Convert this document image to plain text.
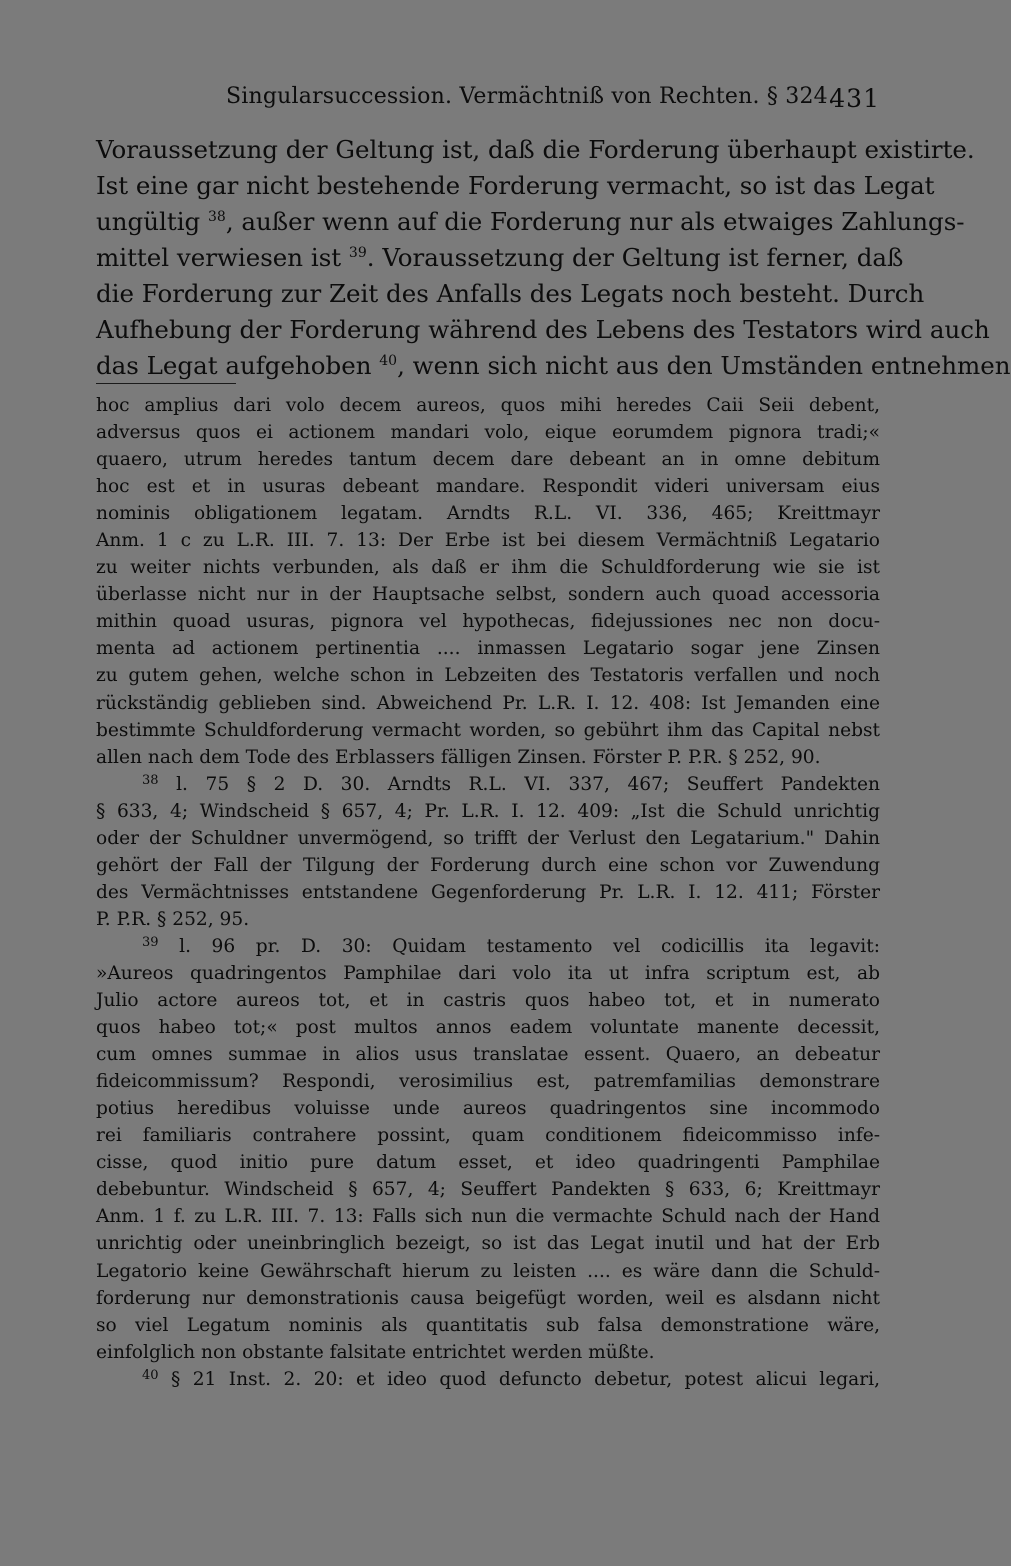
Singularsuccession. Vermächtniß von Rechten. § 324.
431
Voraussetzung der Geltung ist, daß die Forderung überhaupt existirte.
Ist eine gar nicht bestehende Forderung vermacht, so ist das Legat
ungültig $^{38}$, außer wenn auf die Forderung nur als etwaiges Zahlungs-
mittel verwiesen ist $^{39}$. Voraussetzung der Geltung ist ferner, daß
die Forderung zur Zeit des Anfalls des Legats noch besteht. Durch
Aufhebung der Forderung während des Lebens des Testators wird auch
das Legat aufgehoben $^{40}$, wenn sich nicht aus den Umständen entnehmen
hoc amplius dari volo decem aureos, quos mihi heredes Caii Seii debent,
adversus quos ei actionem mandari volo, eique eorumdem pignora tradi;«
quaero, utrum heredes tantum decem dare debeant an in omne debitum
hoc est et in usuras debeant mandare. Respondit videri universam eius
nominis obligationem legatam. Arndts R.L. VI. 336, 465; Kreittmayr
Anm. 1 c zu L.R. III. 7. 13: Der Erbe ist bei diesem Vermächtniß Legatario
zu weiter nichts verbunden, als daß er ihm die Schuldforderung wie sie ist
überlasse nicht nur in der Hauptsache selbst, sondern auch quoad accessoria
mithin quoad usuras, pignora vel hypothecas, fidejussiones nec non docu-
menta ad actionem pertinentia .... inmassen Legatario sogar jene Zinsen
zu gutem gehen, welche schon in Lebzeiten des Testatoris verfallen und noch
rückständig geblieben sind. Abweichend Pr. L.R. I. 12. 408: Ist Jemanden eine
bestimmte Schuldforderung vermacht worden, so gebührt ihm das Capital nebst
allen nach dem Tode des Erblassers fälligen Zinsen. Förster P. P.R. § 252, 90.
$^{38}$ l. 75 § 2 D. 30. Arndts R.L. VI. 337, 467; Seuffert Pandekten
§ 633, 4; Windscheid § 657, 4; Pr. L.R. I. 12. 409: „Ist die Schuld unrichtig
oder der Schuldner unvermögend, so trifft der Verlust den Legatarium." Dahin
gehört der Fall der Tilgung der Forderung durch eine schon vor Zuwendung
des Vermächtnisses entstandene Gegenforderung Pr. L.R. I. 12. 411; Förster
P. P.R. § 252, 95.
$^{39}$ l. 96 pr. D. 30: Quidam testamento vel codicillis ita legavit:
»Aureos quadringentos Pamphilae dari volo ita ut infra scriptum est, ab
Julio actore aureos tot, et in castris quos habeo tot, et in numerato
quos habeo tot;« post multos annos eadem voluntate manente decessit,
cum omnes summae in alios usus translatae essent. Quaero, an debeatur
fideicommissum? Respondi, verosimilius est, patremfamilias demonstrare
potius heredibus voluisse unde aureos quadringentos sine incommodo
rei familiaris contrahere possint, quam conditionem fideicommisso infe-
cisse, quod initio pure datum esset, et ideo quadringenti Pamphilae
debebuntur. Windscheid § 657, 4; Seuffert Pandekten § 633, 6; Kreittmayr
Anm. 1 f. zu L.R. III. 7. 13: Falls sich nun die vermachte Schuld nach der Hand
unrichtig oder uneinbringlich bezeigt, so ist das Legat inutil und hat der Erb
Legatorio keine Gewährschaft hierum zu leisten .... es wäre dann die Schuld-
forderung nur demonstrationis causa beigefügt worden, weil es alsdann nicht
so viel Legatum nominis als quantitatis sub falsa demonstratione wäre,
einfolglich non obstante falsitate entrichtet werden müßte.
$^{40}$ § 21 Inst. 2. 20: et ideo quod defuncto debetur, potest alicui legari,
